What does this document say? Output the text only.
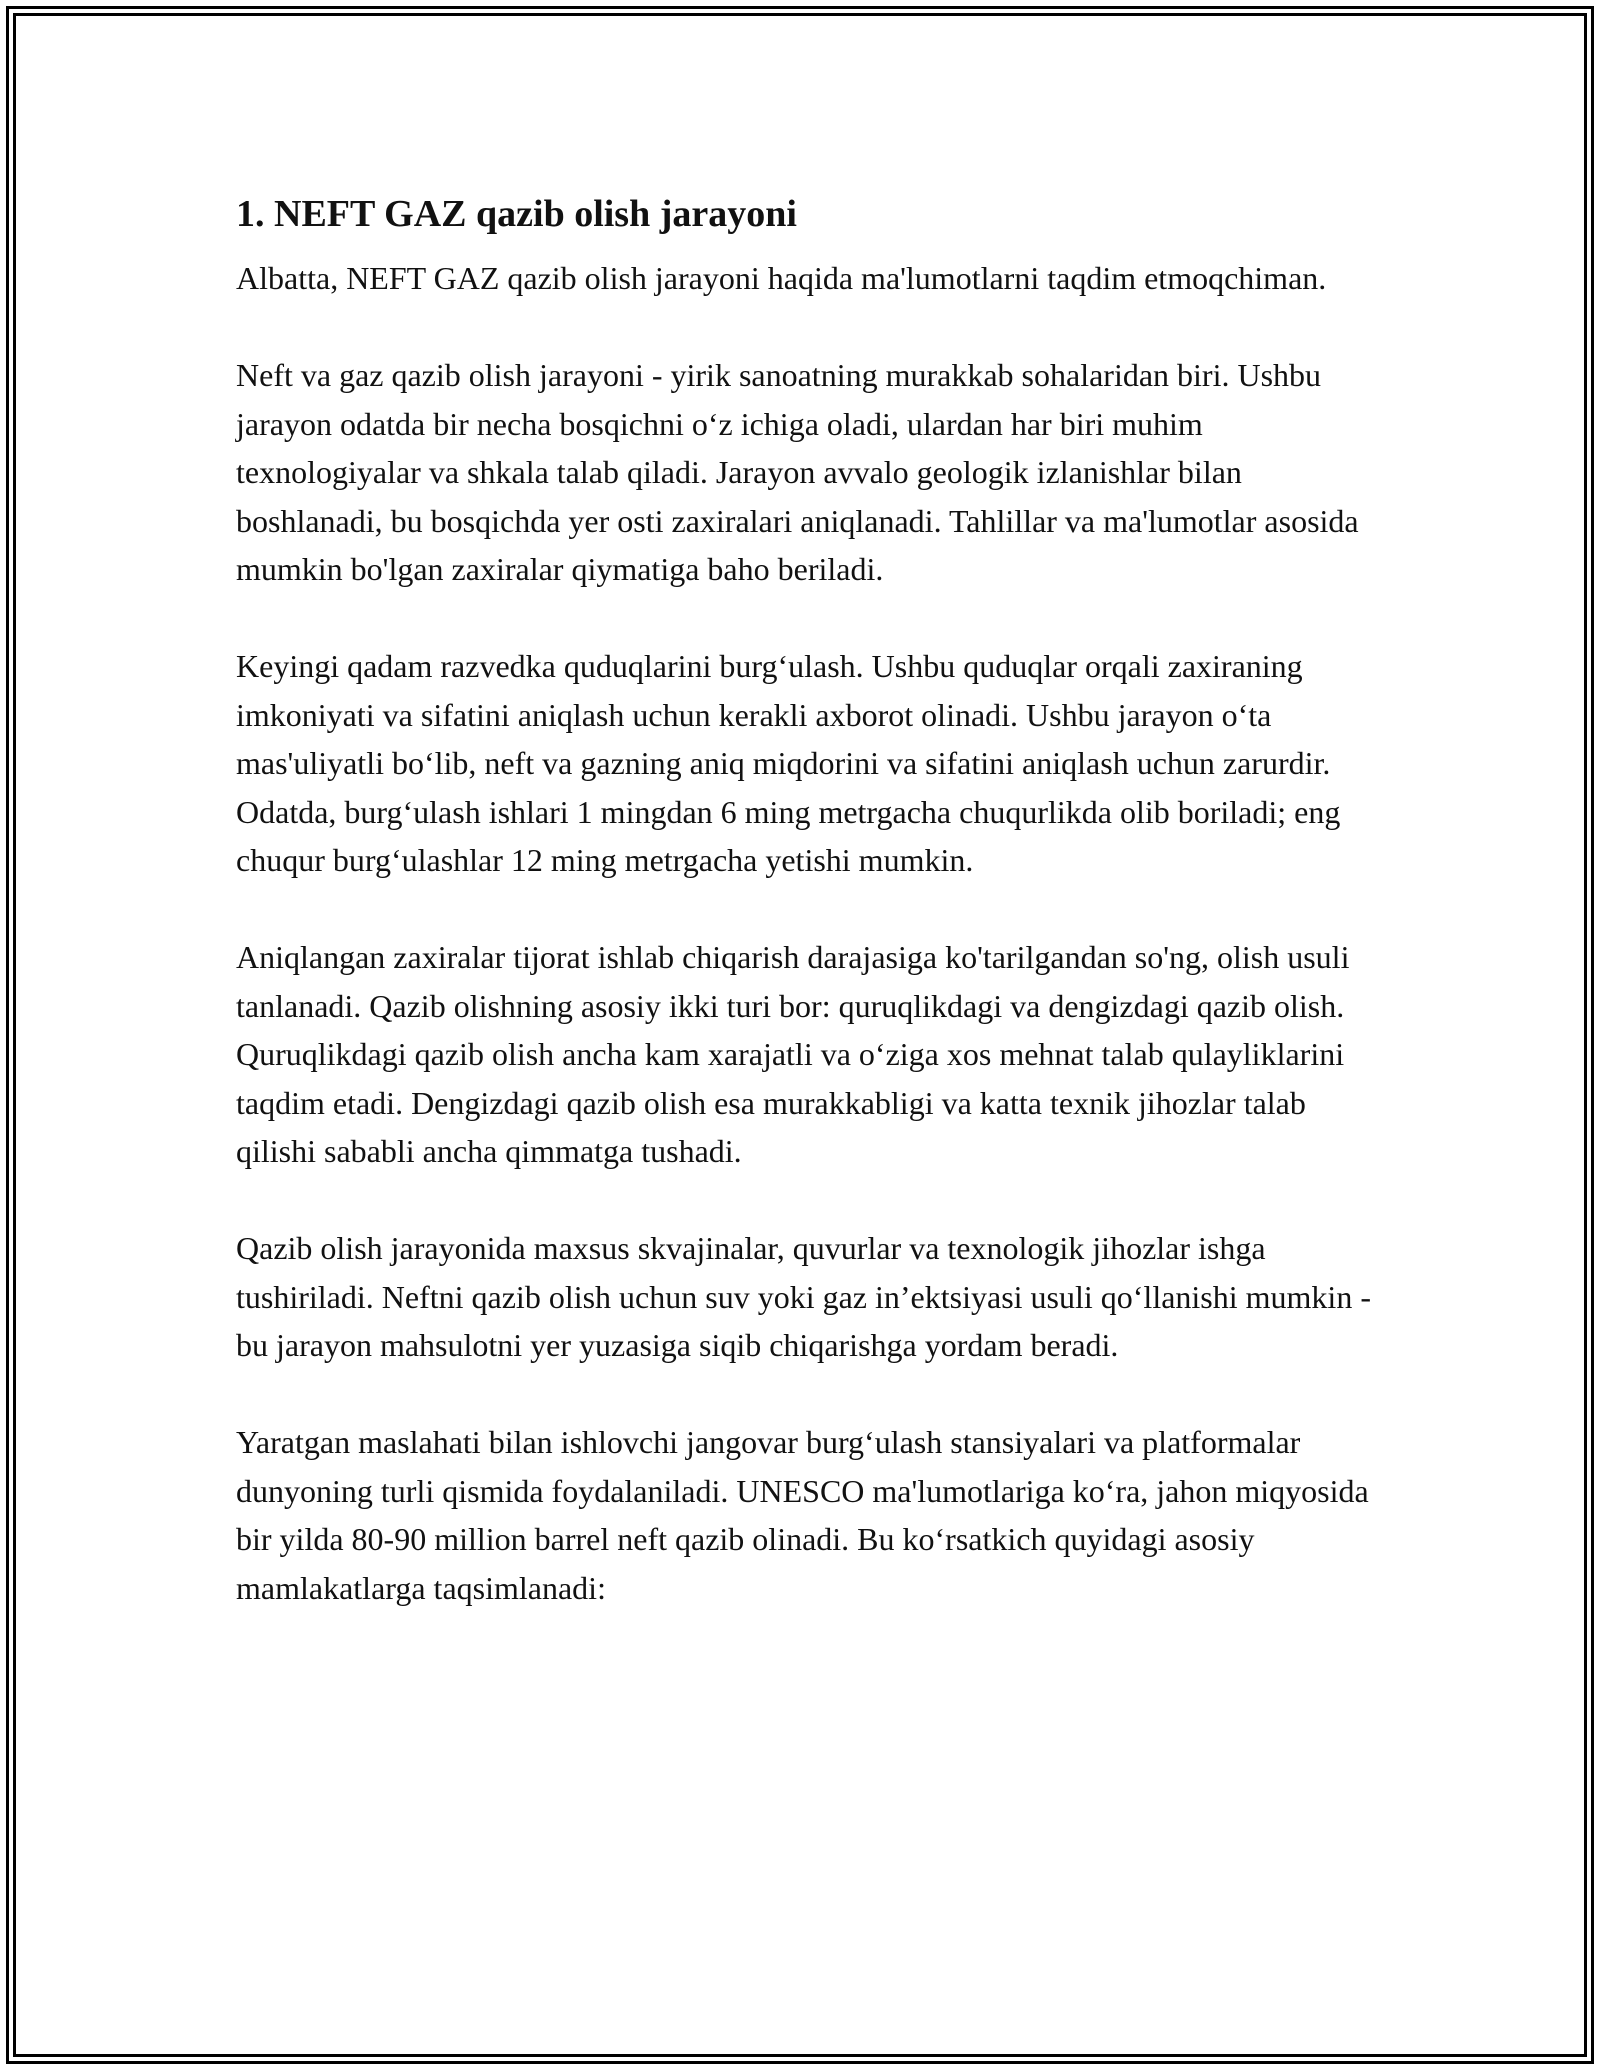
1. NEFT GAZ qazib olish jarayoni

Albatta, NEFT GAZ qazib olish jarayoni haqida ma'lumotlarni taqdim etmoqchiman.

Neft va gaz qazib olish jarayoni - yirik sanoatning murakkab sohalaridan biri. Ushbu jarayon odatda bir necha bosqichni o‘z ichiga oladi, ulardan har biri muhim texnologiyalar va shkala talab qiladi. Jarayon avvalo geologik izlanishlar bilan boshlanadi, bu bosqichda yer osti zaxiralari aniqlanadi. Tahlillar va ma'lumotlar asosida mumkin bo'lgan zaxiralar qiymatiga baho beriladi.

Keyingi qadam razvedka quduqlarini burg‘ulash. Ushbu quduqlar orqali zaxiraning imkoniyati va sifatini aniqlash uchun kerakli axborot olinadi. Ushbu jarayon o‘ta mas'uliyatli bo‘lib, neft va gazning aniq miqdorini va sifatini aniqlash uchun zarurdir. Odatda, burg‘ulash ishlari 1 mingdan 6 ming metrgacha chuqurlikda olib boriladi; eng chuqur burg‘ulashlar 12 ming metrgacha yetishi mumkin.

Aniqlangan zaxiralar tijorat ishlab chiqarish darajasiga ko'tarilgandan so'ng, olish usuli tanlanadi. Qazib olishning asosiy ikki turi bor: quruqlikdagi va dengizdagi qazib olish. Quruqlikdagi qazib olish ancha kam xarajatli va o‘ziga xos mehnat talab qulayliklarini taqdim etadi. Dengizdagi qazib olish esa murakkabligi va katta texnik jihozlar talab qilishi sababli ancha qimmatga tushadi.

Qazib olish jarayonida maxsus skvajinalar, quvurlar va texnologik jihozlar ishga tushiriladi. Neftni qazib olish uchun suv yoki gaz in’ektsiyasi usuli qo‘llanishi mumkin - bu jarayon mahsulotni yer yuzasiga siqib chiqarishga yordam beradi.

Yaratgan maslahati bilan ishlovchi jangovar burg‘ulash stansiyalari va platformalar dunyoning turli qismida foydalaniladi. UNESCO ma'lumotlariga ko‘ra, jahon miqyosida bir yilda 80-90 million barrel neft qazib olinadi. Bu ko‘rsatkich quyidagi asosiy mamlakatlarga taqsimlanadi:
